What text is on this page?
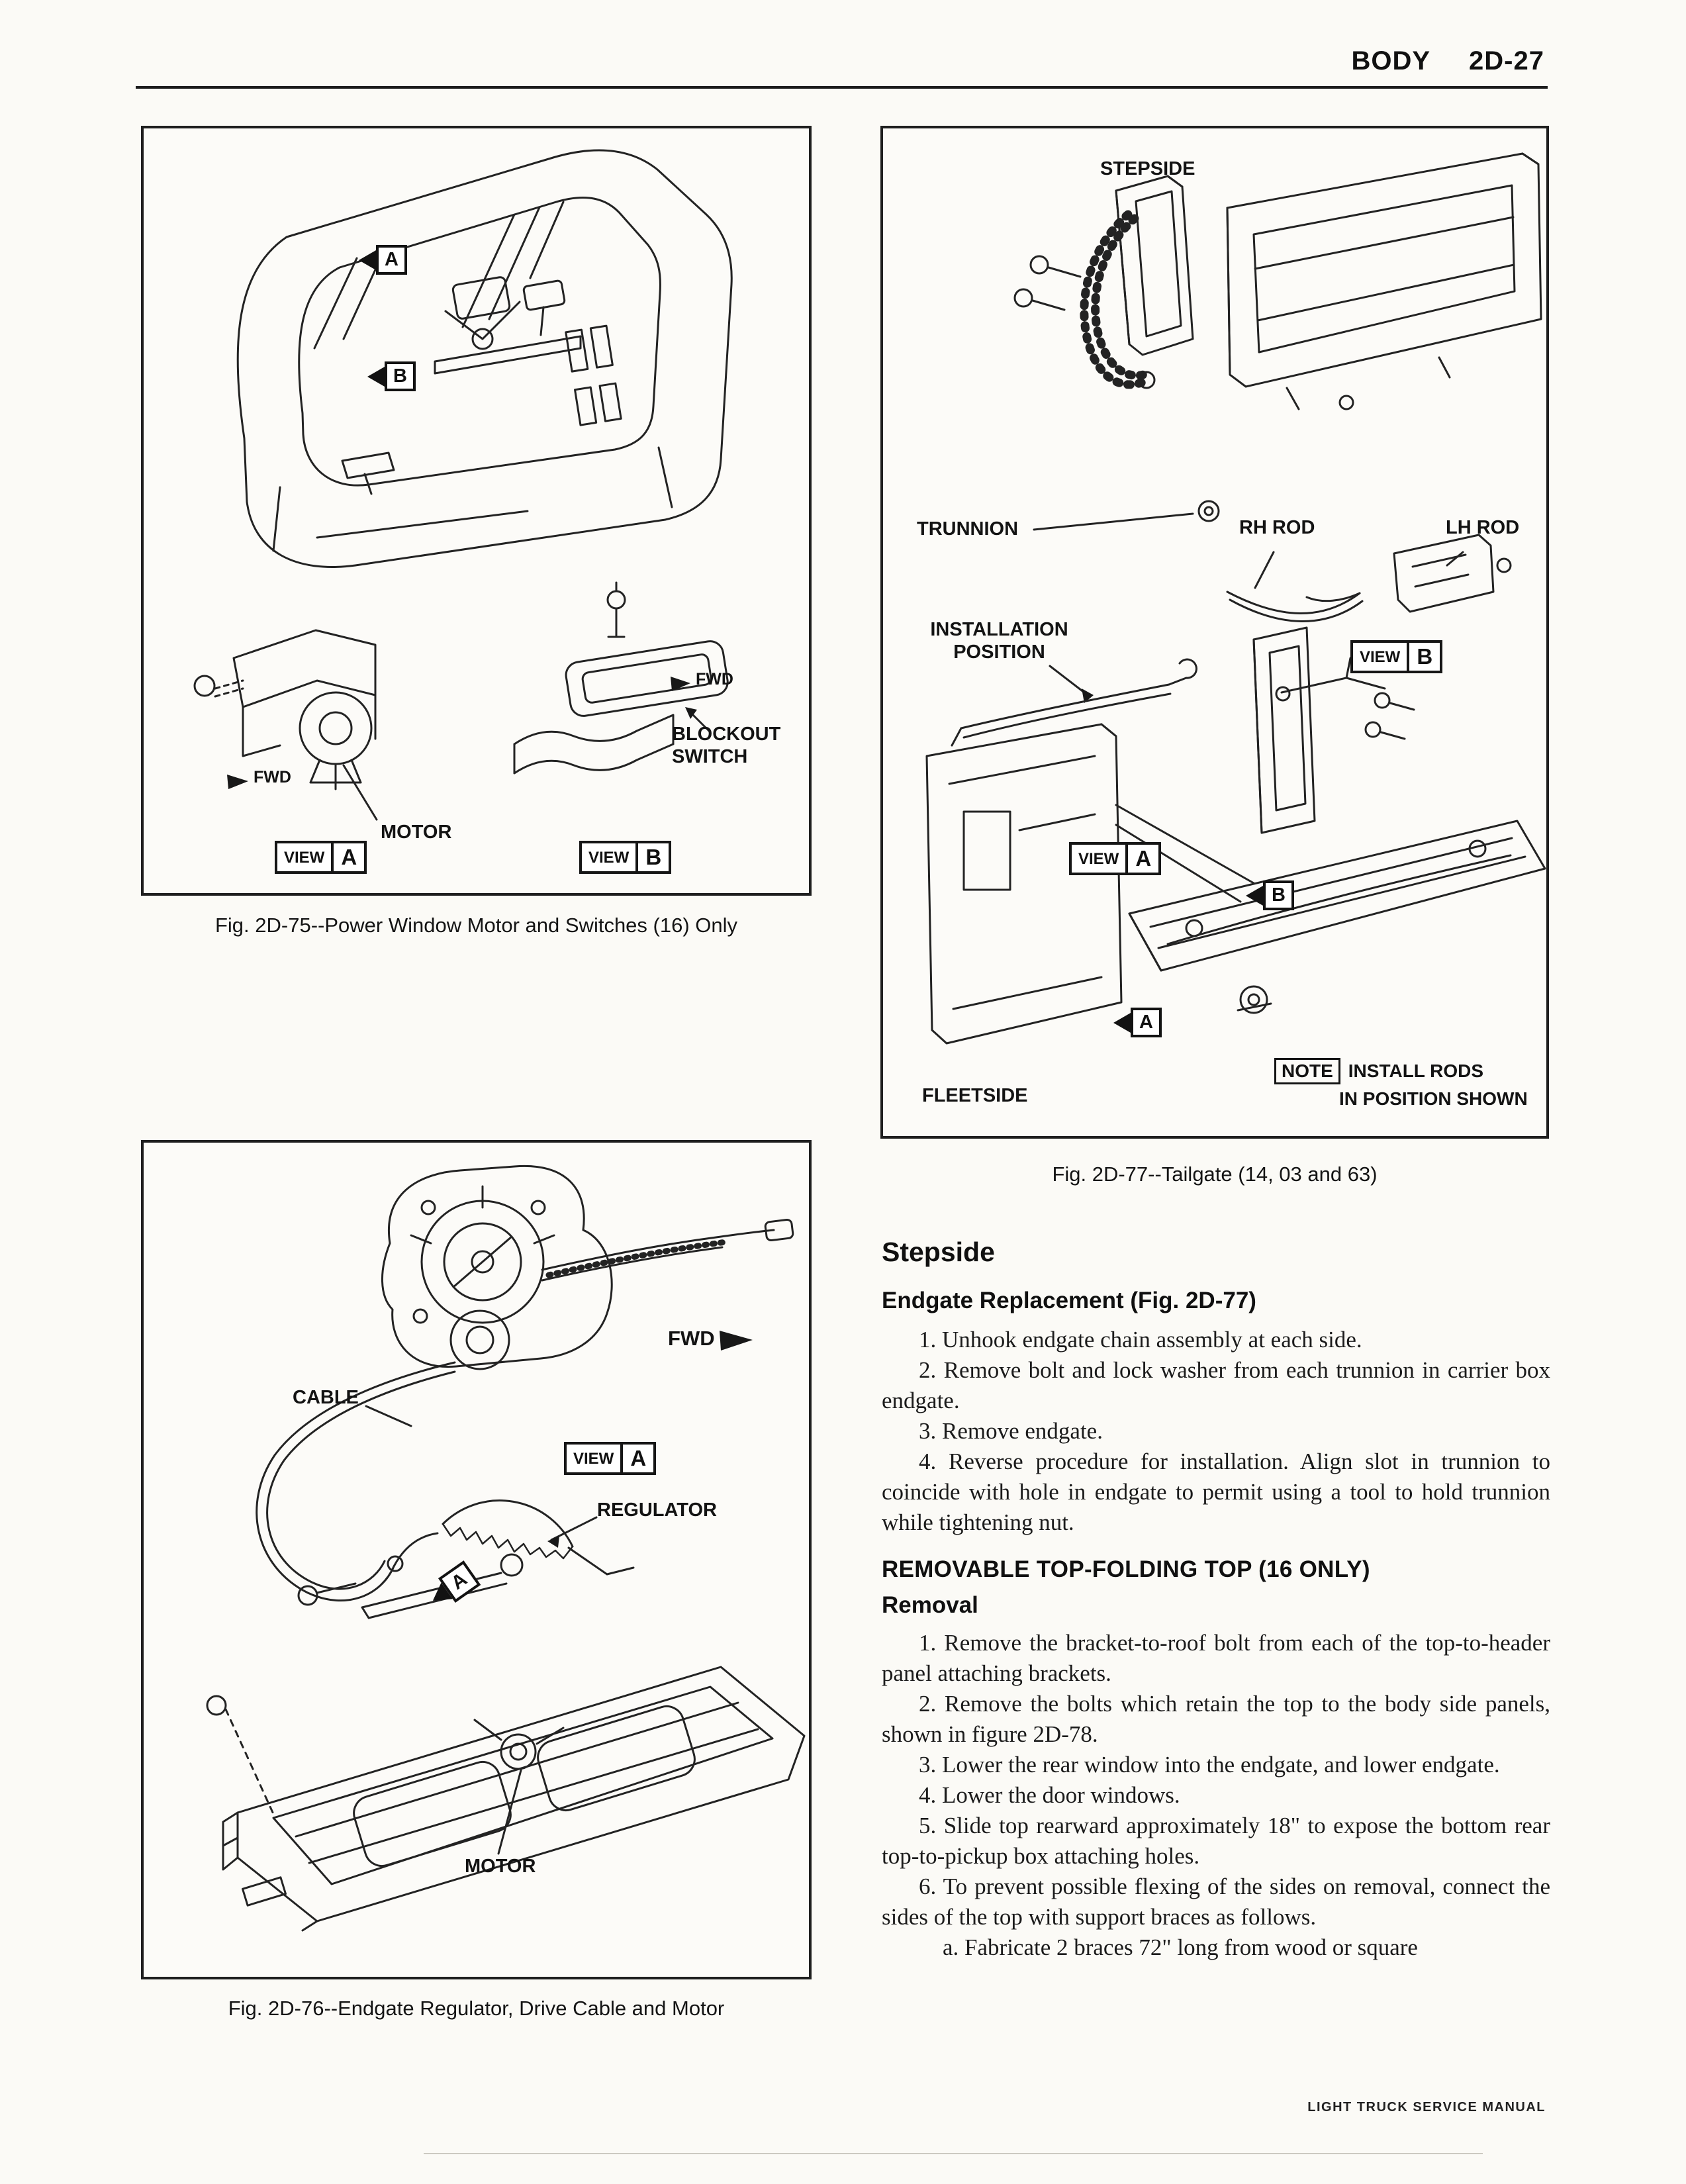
BODY 2D-27
A
B
FWD
FWD
BLOCKOUT SWITCH
MOTOR
VIEW A	VIEW B
Fig. 2D-75--Power Window Motor and Switches (16) Only
STEPSIDE
TRUNNION	RH ROD	LH ROD
INSTALLATION POSITION	VIEW B
VIEW A
B
A
FLEETSIDE
NOTE INSTALL RODS
IN POSITION SHOWN
Fig. 2D-77--Tailgate (14, 03 and 63)
CABLE
FWD
VIEW A
REGULATOR
A
MOTOR
Fig. 2D-76--Endgate Regulator, Drive Cable and Motor
Stepside
Endgate Replacement (Fig. 2D-77)

1. Unhook endgate chain assembly at each side.

2. Remove bolt and lock washer from each trunnion in carrier box endgate.

3. Remove endgate.

4. Reverse procedure for installation. Align slot in trunnion to coincide with hole in endgate to permit using a tool to hold trunnion while tightening nut.

REMOVABLE TOP-FOLDING TOP (16 ONLY)
Removal

1. Remove the bracket-to-roof bolt from each of the top-to-header panel attaching brackets.

2. Remove the bolts which retain the top to the body side panels, shown in figure 2D-78.

3. Lower the rear window into the endgate, and lower endgate.

4. Lower the door windows.

5. Slide top rearward approximately 18" to expose the bottom rear top-to-pickup box attaching holes.

6. To prevent possible flexing of the sides on removal, connect the sides of the top with support braces as follows.

a. Fabricate 2 braces 72" long from wood or square

LIGHT TRUCK SERVICE MANUAL
